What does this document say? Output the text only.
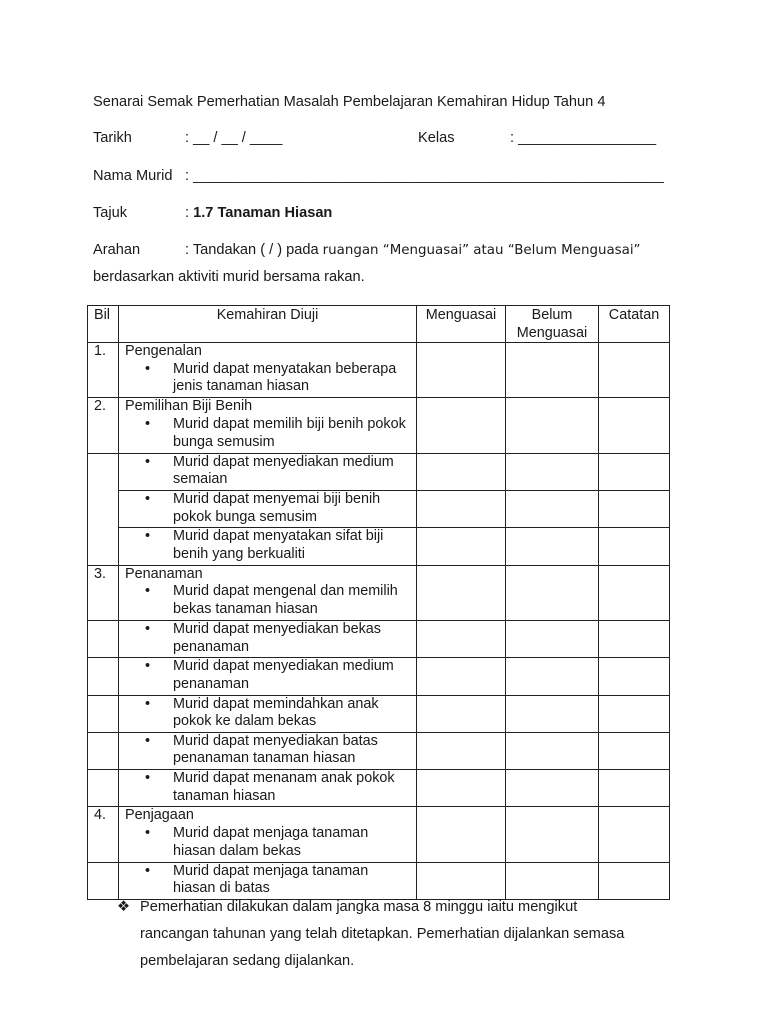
Senarai Semak Pemerhatian Masalah Pembelajaran Kemahiran Hidup Tahun 4
Tarikh	: __ / __ / ____	Kelas	: _________________
Nama Murid : __________________________________________________________
Tajuk	: 1.7 Tanaman Hiasan
Arahan	: Tandakan ( / ) pada ruangan “Menguasai” atau “Belum Menguasai”
berdasarkan aktiviti murid bersama rakan.
Bil	Kemahiran Diuji	Menguasai	Belum Menguasai	Catatan
1.	Pengenalan
• Murid dapat menyatakan beberapa jenis tanaman hiasan			

2.	Pemilihan Biji Benih
• Murid dapat memilih biji benih pokok bunga semusim			

	• Murid dapat menyediakan medium semaian			

	• Murid dapat menyemai biji benih pokok bunga semusim			

	• Murid dapat menyatakan sifat biji benih yang berkualiti			

3.	Penanaman
• Murid dapat mengenal dan memilih bekas tanaman hiasan			

	• Murid dapat menyediakan bekas penanaman			

	• Murid dapat menyediakan medium penanaman			

	• Murid dapat memindahkan anak pokok ke dalam bekas			

	• Murid dapat menyediakan batas penanaman tanaman hiasan			

	• Murid dapat menanam anak pokok tanaman hiasan			

4.	Penjagaan
• Murid dapat menjaga tanaman hiasan dalam bekas			

	• Murid dapat menjaga tanaman hiasan di batas			

❖ Pemerhatian dilakukan dalam jangka masa 8 minggu iaitu mengikut
rancangan tahunan yang telah ditetapkan. Pemerhatian dijalankan semasa
pembelajaran sedang dijalankan.
